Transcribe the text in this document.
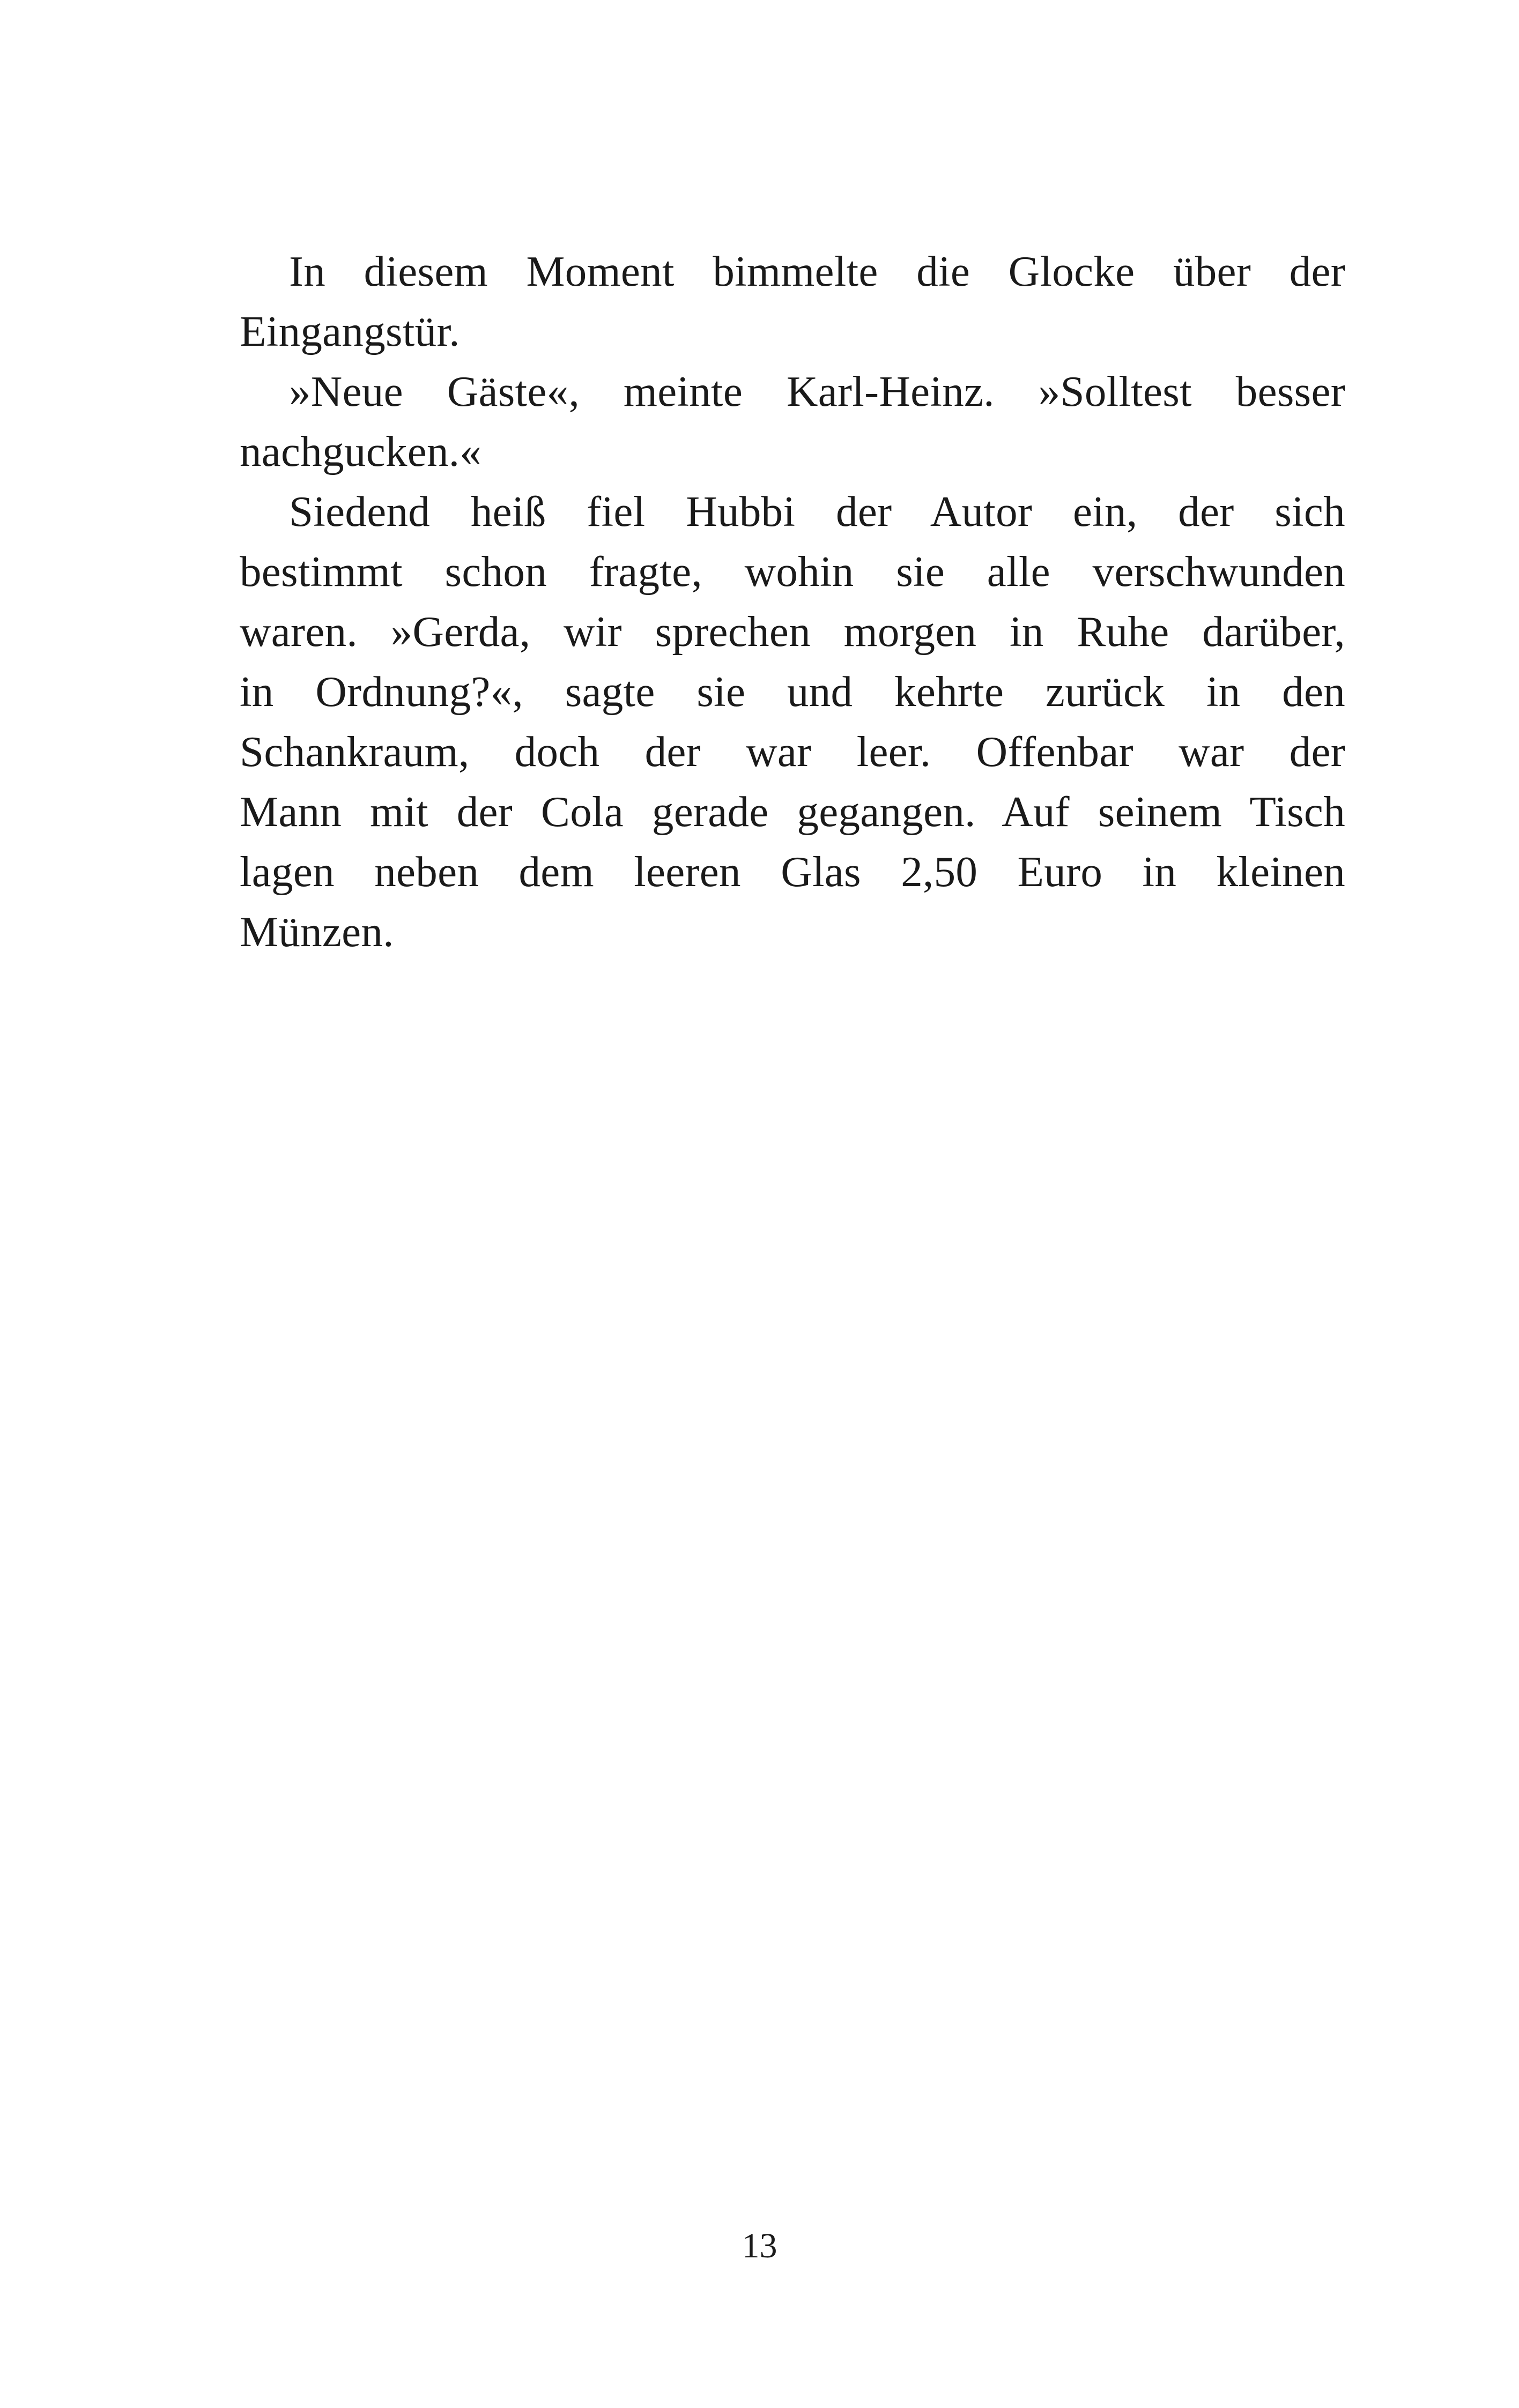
In diesem Moment bimmelte die Glocke über der
Eingangstür.
»Neue Gäste«, meinte Karl-Heinz. »Solltest besser
nachgucken.«
Siedend heiß fiel Hubbi der Autor ein, der sich
bestimmt schon fragte, wohin sie alle verschwunden
waren. »Gerda, wir sprechen morgen in Ruhe darüber,
in Ordnung?«, sagte sie und kehrte zurück in den
Schankraum, doch der war leer. Offenbar war der
Mann mit der Cola gerade gegangen. Auf seinem Tisch
lagen neben dem leeren Glas 2,50 Euro in kleinen
Münzen.
13
